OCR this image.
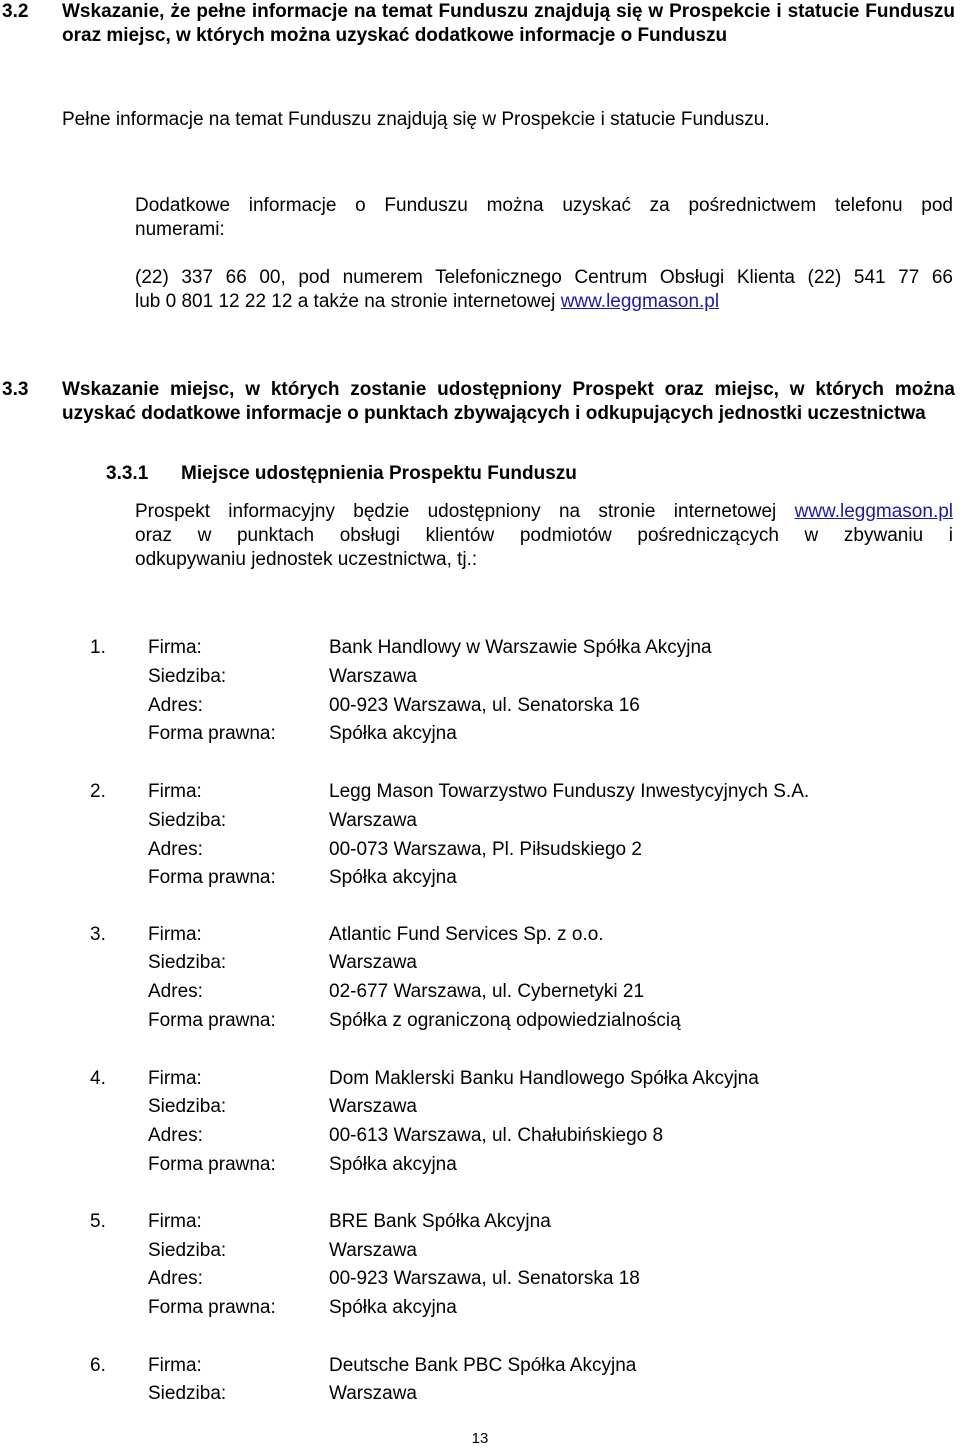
3.2 Wskazanie, że pełne informacje na temat Funduszu znajdują się w Prospekcie i statucie Funduszu oraz miejsc, w których można uzyskać dodatkowe informacje o Funduszu
Pełne informacje na temat Funduszu znajdują się w Prospekcie i statucie Funduszu.
Dodatkowe informacje o Funduszu można uzyskać za pośrednictwem telefonu pod
numerami:
(22) 337 66 00, pod numerem Telefonicznego Centrum Obsługi Klienta (22) 541 77 66
lub 0 801 12 22 12 a także na stronie internetowej www.leggmason.pl
3.3 Wskazanie miejsc, w których zostanie udostępniony Prospekt oraz miejsc, w których można uzyskać dodatkowe informacje o punktach zbywających i odkupujących jednostki uczestnictwa
3.3.1 Miejsce udostępnienia Prospektu Funduszu
Prospekt informacyjny będzie udostępniony na stronie internetowej www.leggmason.pl
oraz w punktach obsługi klientów podmiotów pośredniczących w zbywaniu i
odkupywaniu jednostek uczestnictwa, tj.:
1. Firma:	Bank Handlowy w Warszawie Spółka Akcyjna
Siedziba:	Warszawa
Adres:	00-923 Warszawa, ul. Senatorska 16
Forma prawna:	Spółka akcyjna
2. Firma:	Legg Mason Towarzystwo Funduszy Inwestycyjnych S.A.
Siedziba:	Warszawa
Adres:	00-073 Warszawa, Pl. Piłsudskiego 2
Forma prawna:	Spółka akcyjna
3. Firma:	Atlantic Fund Services Sp. z o.o.
Siedziba:	Warszawa
Adres:	02-677 Warszawa, ul. Cybernetyki 21
Forma prawna:	Spółka z ograniczoną odpowiedzialnością
4. Firma:	Dom Maklerski Banku Handlowego Spółka Akcyjna
Siedziba:	Warszawa
Adres:	00-613 Warszawa, ul. Chałubińskiego 8
Forma prawna:	Spółka akcyjna
5. Firma:	BRE Bank Spółka Akcyjna
Siedziba:	Warszawa
Adres:	00-923 Warszawa, ul. Senatorska 18
Forma prawna:	Spółka akcyjna
6. Firma:	Deutsche Bank PBC Spółka Akcyjna
Siedziba:	Warszawa
13
